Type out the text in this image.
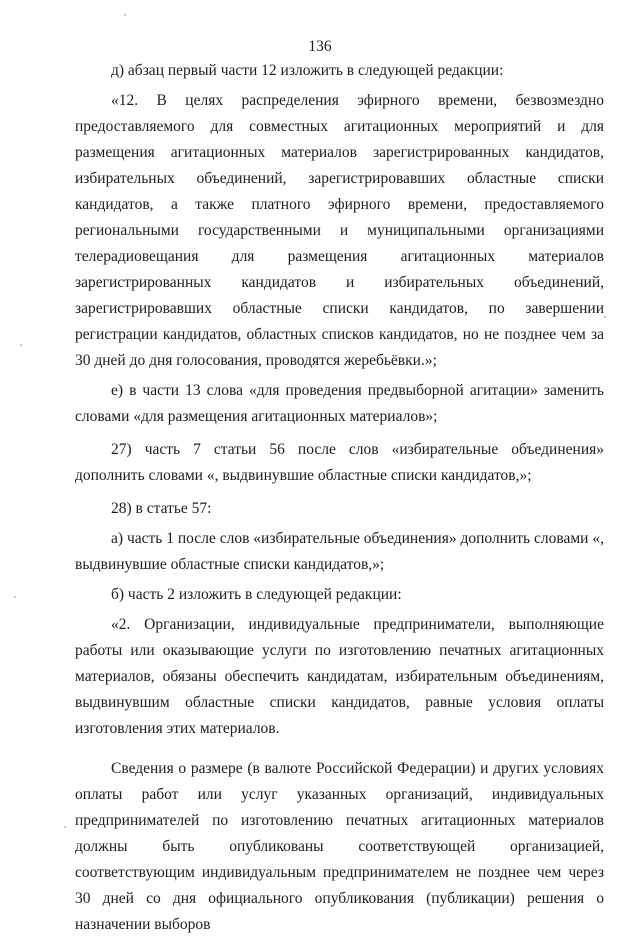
136

д) абзац первый части 12 изложить в следующей редакции:

«12. В целях распределения эфирного времени, безвозмездно предоставляемого для совместных агитационных мероприятий и для размещения агитационных материалов зарегистрированных кандидатов, избирательных объединений, зарегистрировавших областные списки кандидатов, а также платного эфирного времени, предоставляемого региональными государственными и муниципальными организациями телерадиовещания для размещения агитационных материалов зарегистрированных кандидатов и избирательных объединений, зарегистрировавших областные списки кандидатов, по завершении регистрации кандидатов, областных списков кандидатов, но не позднее чем за 30 дней до дня голосования, проводятся жеребьёвки.»;

е) в части 13 слова «для проведения предвыборной агитации» заменить словами «для размещения агитационных материалов»;

27) часть 7 статьи 56 после слов «избирательные объединения» дополнить словами «, выдвинувшие областные списки кандидатов,»;

28) в статье 57:

а) часть 1 после слов «избирательные объединения» дополнить словами «, выдвинувшие областные списки кандидатов,»;

б) часть 2 изложить в следующей редакции:

«2. Организации, индивидуальные предприниматели, выполняющие работы или оказывающие услуги по изготовлению печатных агитационных материалов, обязаны обеспечить кандидатам, избирательным объединениям, выдвинувшим областные списки кандидатов, равные условия оплаты изготовления этих материалов.

Сведения о размере (в валюте Российской Федерации) и других условиях оплаты работ или услуг указанных организаций, индивидуальных предпринимателей по изготовлению печатных агитационных материалов должны быть опубликованы соответствующей организацией, соответствующим индивидуальным предпринимателем не позднее чем через 30 дней со дня официального опубликования (публикации) решения о назначении выборов
